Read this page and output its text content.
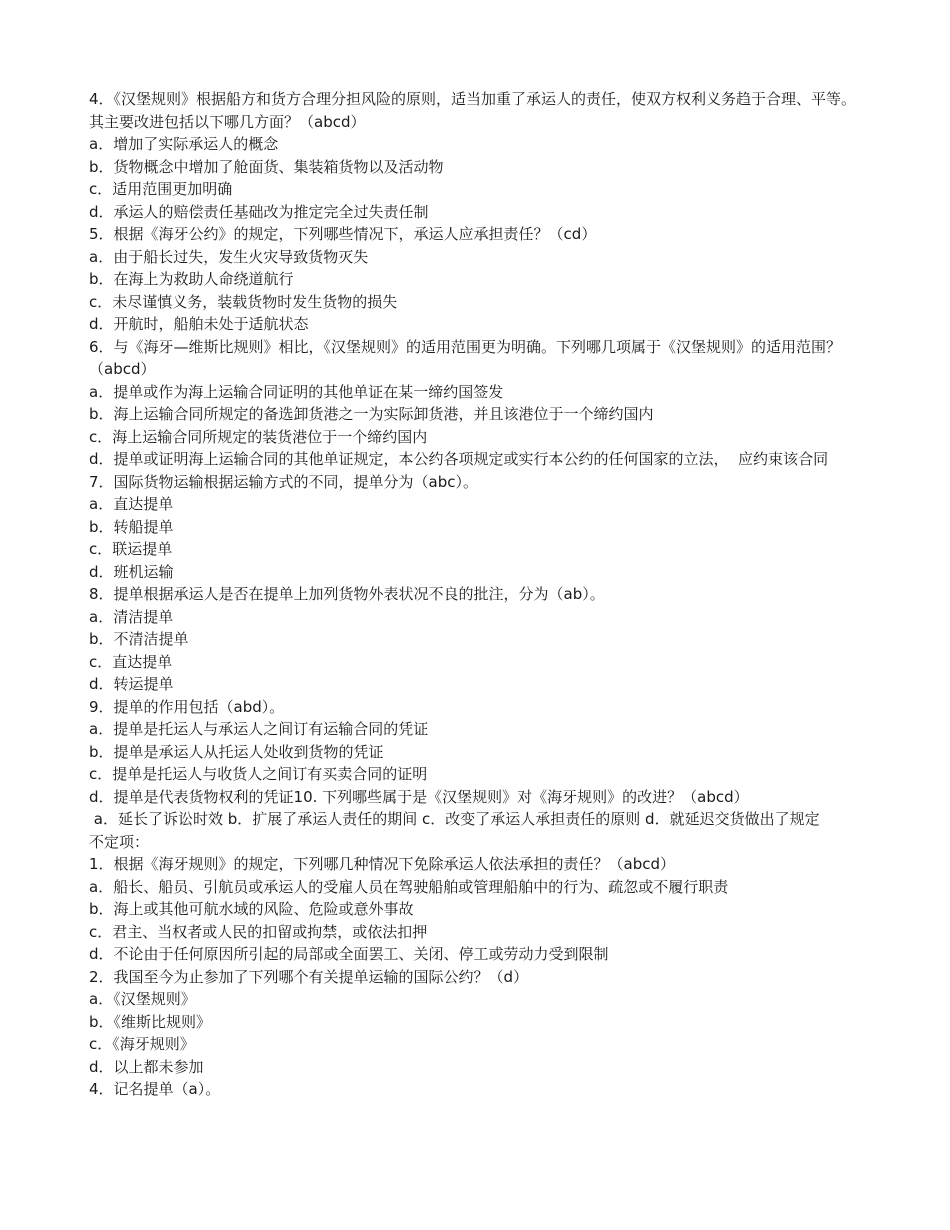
4．《汉堡规则》根据船方和货方合理分担风险的原则，适当加重了承运人的责任，使双方权利义务趋于合理、平等。其主要改进包括以下哪几方面？（abcd）

a．增加了实际承运人的概念

b．货物概念中增加了舱面货、集装箱货物以及活动物

c．适用范围更加明确

d．承运人的赔偿责任基础改为推定完全过失责任制

5．根据《海牙公约》的规定，下列哪些情况下，承运人应承担责任？（cd）

a．由于船长过失，发生火灾导致货物灭失

b．在海上为救助人命绕道航行

c．未尽谨慎义务，装载货物时发生货物的损失

d．开航时，船舶未处于适航状态

6．与《海牙—维斯比规则》相比，《汉堡规则》的适用范围更为明确。下列哪几项属于《汉堡规则》的适用范围？（abcd）

a．提单或作为海上运输合同证明的其他单证在某一缔约国签发

b．海上运输合同所规定的备选卸货港之一为实际卸货港，并且该港位于一个缔约国内

c．海上运输合同所规定的装货港位于一个缔约国内

d．提单或证明海上运输合同的其他单证规定，本公约各项规定或实行本公约的任何国家的立法，  应约束该合同

7．国际货物运输根据运输方式的不同，提单分为（abc）。

a．直达提单

b．转船提单

c．联运提单

d．班机运输

8．提单根据承运人是否在提单上加列货物外表状况不良的批注，分为（ab）。

a．清洁提单

b．不清洁提单

c．直达提单

d．转运提单

9．提单的作用包括（abd）。

a．提单是托运人与承运人之间订有运输合同的凭证

b．提单是承运人从托运人处收到货物的凭证

c．提单是托运人与收货人之间订有买卖合同的证明

d．提单是代表货物权利的凭证10. 下列哪些属于是《汉堡规则》对《海牙规则》的改进？（abcd）

a．延长了诉讼时效 b．扩展了承运人责任的期间 c．改变了承运人承担责任的原则 d．就延迟交货做出了规定

不定项：

1．根据《海牙规则》的规定，下列哪几种情况下免除承运人依法承担的责任？（abcd）

a．船长、船员、引航员或承运人的受雇人员在驾驶船舶或管理船舶中的行为、疏忽或不履行职责

b．海上或其他可航水域的风险、危险或意外事故

c．君主、当权者或人民的扣留或拘禁，或依法扣押

d．不论由于任何原因所引起的局部或全面罢工、关闭、停工或劳动力受到限制

2．我国至今为止参加了下列哪个有关提单运输的国际公约？（d）

a．《汉堡规则》

b．《维斯比规则》

c．《海牙规则》

d．以上都未参加

4．记名提单（a）。
